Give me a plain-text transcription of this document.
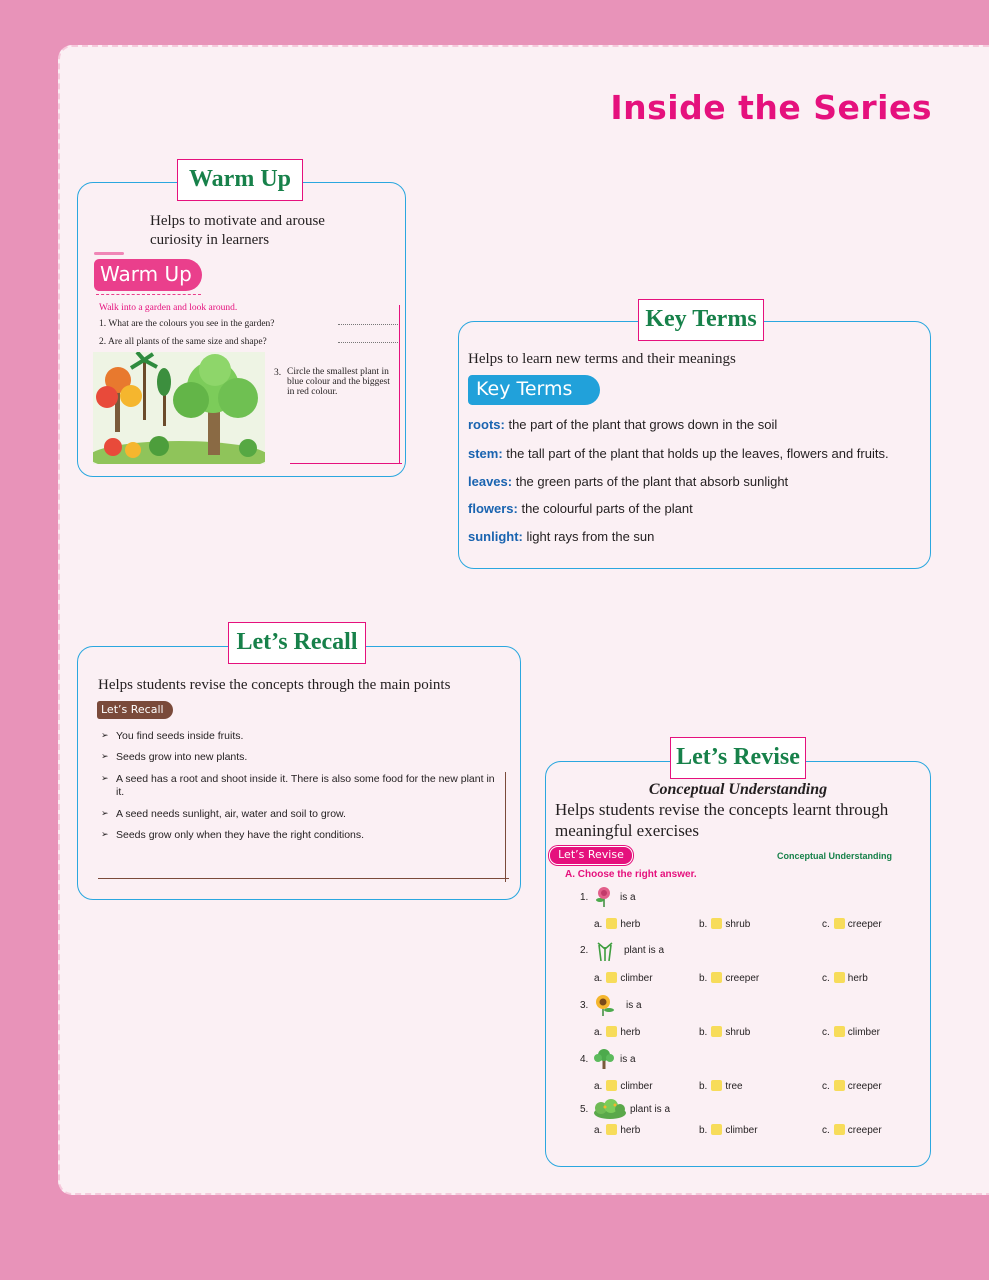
Inside the Series
Warm Up
Helps to motivate and arouse curiosity in learners
Warm Up
Walk into a garden and look around.
1. What are the colours you see in the garden?
2. Are all plants of the same size and shape?
3. Circle the smallest plant in blue colour and the biggest in red colour.
Key Terms
Helps to learn new terms and their meanings
Key Terms
roots: the part of the plant that grows down in the soil
stem: the tall part of the plant that holds up the leaves, flowers and fruits.
leaves: the green parts of the plant that absorb sunlight
flowers: the colourful parts of the plant
sunlight: light rays from the sun
Let’s Recall
Helps students revise the concepts through the main points
Let’s Recall
➢ You find seeds inside fruits.
➢ Seeds grow into new plants.
➢ A seed has a root and shoot inside it. There is also some food for the new plant in it.
➢ A seed needs sunlight, air, water and soil to grow.
➢ Seeds grow only when they have the right conditions.
Let’s Revise
Conceptual Understanding
Helps students revise the concepts learnt through meaningful exercises
Let’s Revise	Conceptual Understanding
A. Choose the right answer.
1.	is a
a. herb	b. shrub	c. creeper
2.	plant is a
a. climber	b. creeper	c. herb
3.	is a
a. herb	b. shrub	c. climber
4.	is a
a. climber	b. tree	c. creeper
5.	plant is a
a. herb	b. climber	c. creeper
